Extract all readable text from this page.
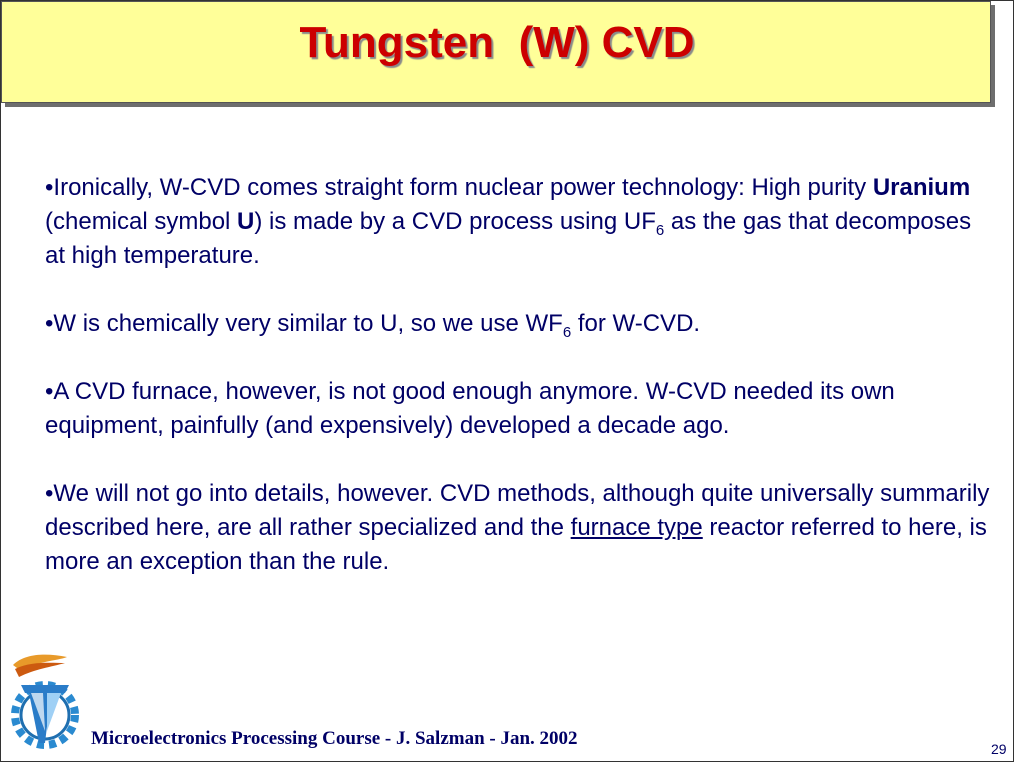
Tungsten  (W) CVD

•Ironically, W-CVD comes straight form nuclear power technology: High purity Uranium (chemical symbol U) is made by a CVD process using $UF_6$ as the gas that decomposes at high temperature.

•W is chemically very similar to U, so we use $WF_6$ for W-CVD.

•A CVD furnace, however, is not good enough anymore. W-CVD needed its own equipment, painfully (and expensively) developed a decade ago.

•We will not go into details, however. CVD methods, although quite universally summarily described here, are all rather specialized and the furnace type reactor referred to here, is more an exception than the rule.

Microelectronics Processing Course - J. Salzman - Jan. 2002	29
